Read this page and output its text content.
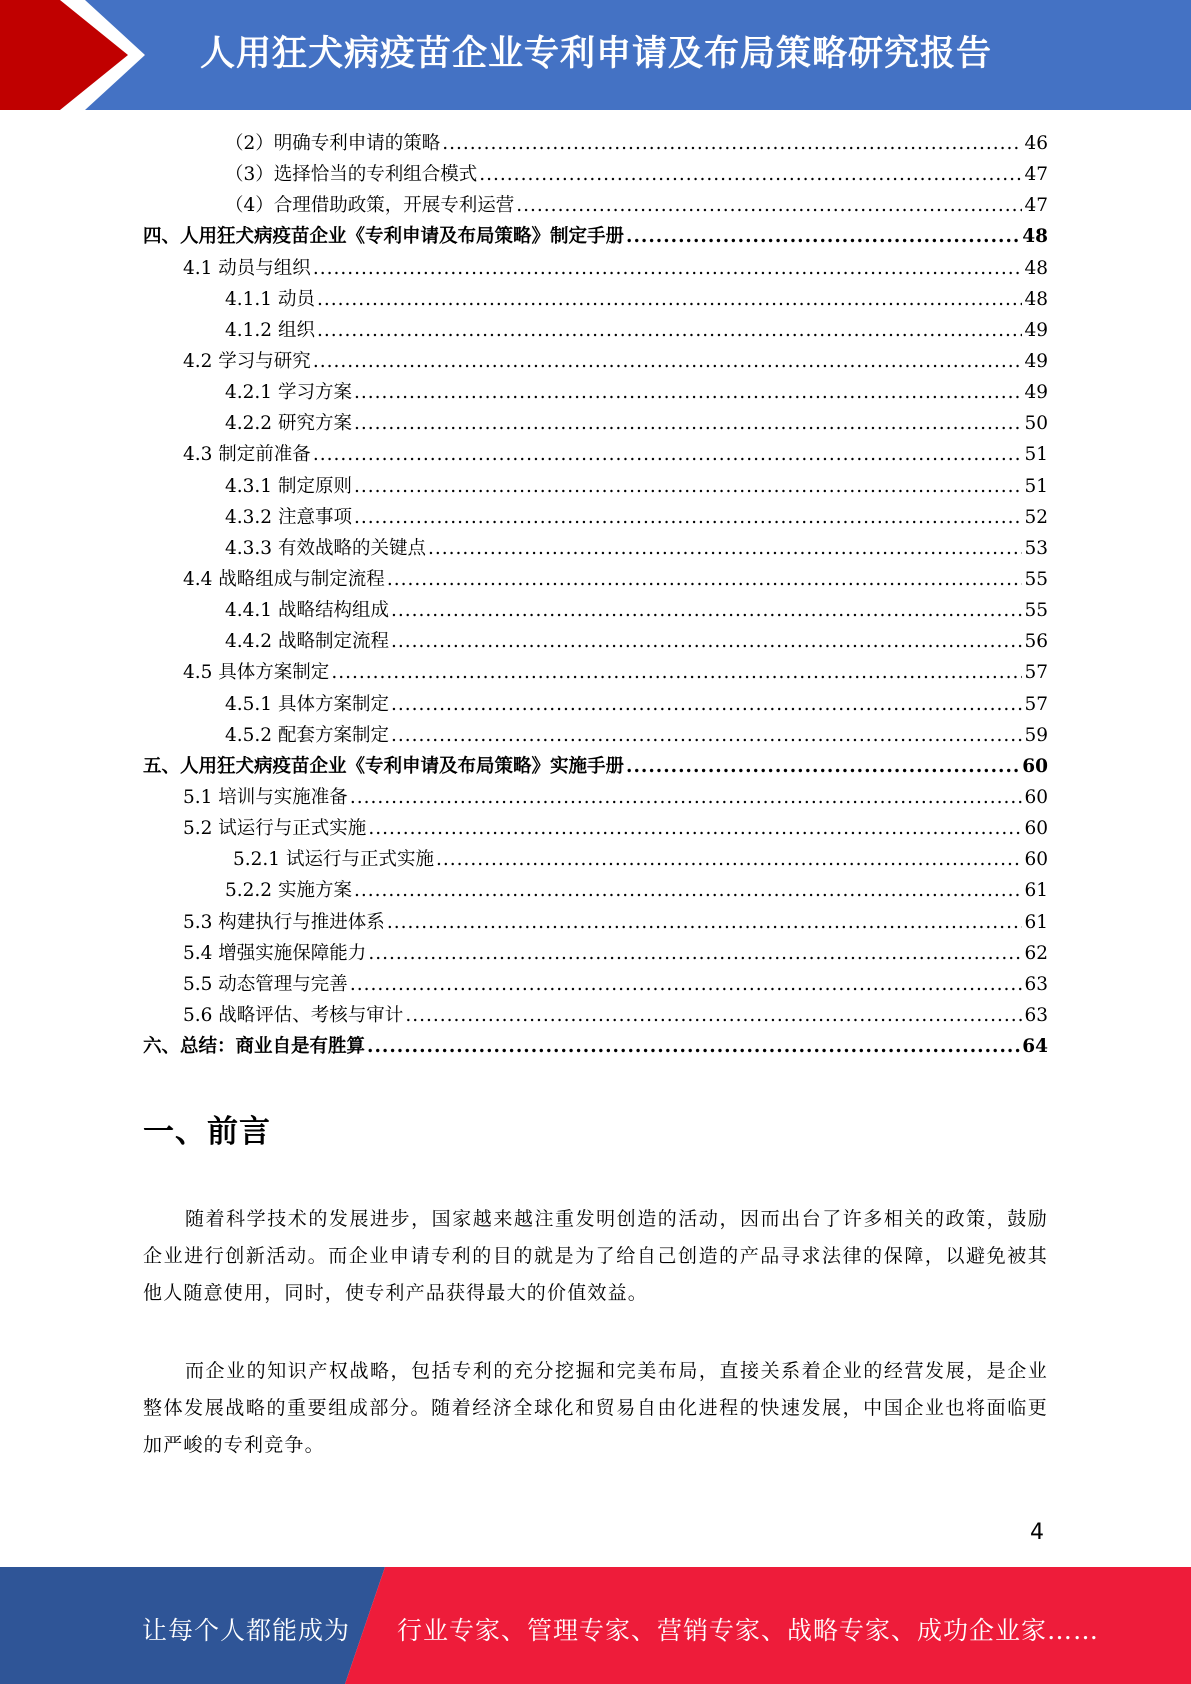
人用狂犬病疫苗企业专利申请及布局策略研究报告
（2）明确专利申请的策略 .....	46
（3）选择恰当的专利组合模式 .....	47
（4）合理借助政策，开展专利运营 .....	47
四、人用狂犬病疫苗企业《专利申请及布局策略》制定手册 .....	48
4.1 动员与组织 .....	48
4.1.1 动员 .....	48
4.1.2 组织 .....	49
4.2 学习与研究 .....	49
4.2.1 学习方案 .....	49
4.2.2 研究方案 .....	50
4.3 制定前准备 .....	51
4.3.1 制定原则 .....	51
4.3.2 注意事项 .....	52
4.3.3 有效战略的关键点 .....	53
4.4 战略组成与制定流程 .....	55
4.4.1 战略结构组成 .....	55
4.4.2 战略制定流程 .....	56
4.5 具体方案制定 .....	57
4.5.1 具体方案制定 .....	57
4.5.2 配套方案制定 .....	59
五、人用狂犬病疫苗企业《专利申请及布局策略》实施手册 .....	60
5.1 培训与实施准备 .....	60
5.2 试运行与正式实施 .....	60
5.2.1 试运行与正式实施 .....	60
5.2.2 实施方案 .....	61
5.3 构建执行与推进体系 .....	61
5.4 增强实施保障能力 .....	62
5.5 动态管理与完善 .....	63
5.6 战略评估、考核与审计 .....	63
六、总结：商业自是有胜算 .....	64
一、前言
随着科学技术的发展进步，国家越来越注重发明创造的活动，因而出台了许多相关的政策，鼓励企业进行创新活动。而企业申请专利的目的就是为了给自己创造的产品寻求法律的保障，以避免被其他人随意使用，同时，使专利产品获得最大的价值效益。
而企业的知识产权战略，包括专利的充分挖掘和完美布局，直接关系着企业的经营发展，是企业整体发展战略的重要组成部分。随着经济全球化和贸易自由化进程的快速发展，中国企业也将面临更加严峻的专利竞争。
4
让每个人都能成为 行业专家、管理专家、营销专家、战略专家、成功企业家……
